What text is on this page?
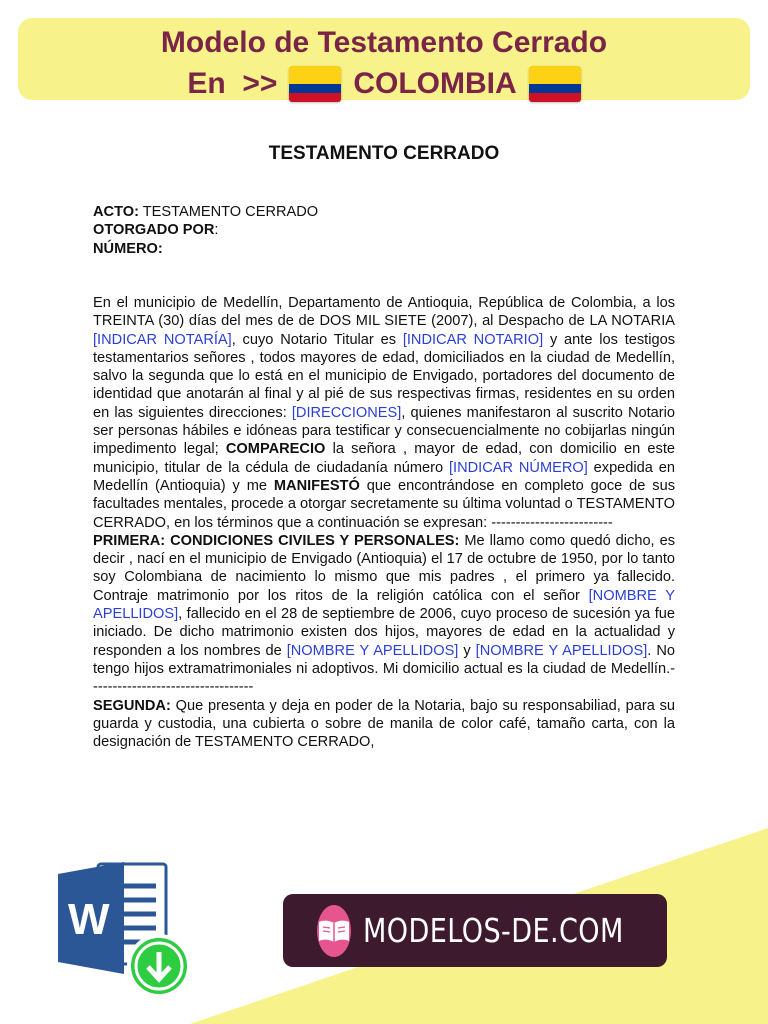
Modelo de Testamento Cerrado
En  >>	COLOMBIA
TESTAMENTO CERRADO
ACTO: TESTAMENTO CERRADO
OTORGADO POR:
NÚMERO:

En el municipio de Medellín, Departamento de Antioquia, República de Colombia, a los TREINTA (30) días del mes de de DOS MIL SIETE (2007), al Despacho de LA NOTARIA [INDICAR NOTARÍA], cuyo Notario Titular es [INDICAR NOTARIO] y ante los testigos testamentarios señores , todos mayores de edad, domiciliados en la ciudad de Medellín, salvo la segunda que lo está en el municipio de Envigado, portadores del documento de identidad que anotarán al final y al pié de sus respectivas firmas, residentes en su orden en las siguientes direcciones: [DIRECCIONES], quienes manifestaron al suscrito Notario ser personas hábiles e idóneas para testificar y consecuencialmente no cobijarlas ningún impedimento legal; COMPARECIO la señora , mayor de edad, con domicilio en este municipio, titular de la cédula de ciudadanía número [INDICAR NÚMERO] expedida en Medellín (Antioquia) y me MANIFESTÓ que encontrándose en completo goce de sus facultades mentales, procede a otorgar secretamente su última voluntad o TESTAMENTO CERRADO, en los términos que a continuación se expresan: -------------------------

PRIMERA: CONDICIONES CIVILES Y PERSONALES: Me llamo como quedó dicho, es decir , nací en el municipio de Envigado (Antioquia) el 17 de octubre de 1950, por lo tanto soy Colombiana de nacimiento lo mismo que mis padres , el primero ya fallecido. Contraje matrimonio por los ritos de la religión católica con el señor [NOMBRE Y APELLIDOS], fallecido en el 28 de septiembre de 2006, cuyo proceso de sucesión ya fue iniciado. De dicho matrimonio existen dos hijos, mayores de edad en la actualidad y responden a los nombres de [NOMBRE Y APELLIDOS] y [NOMBRE Y APELLIDOS]. No tengo hijos extramatrimoniales ni adoptivos. Mi domicilio actual es la ciudad de Medellín.----------------------------------

SEGUNDA: Que presenta y deja en poder de la Notaria, bajo su responsabiliad, para su guarda y custodia, una cubierta o sobre de manila de color café, tamaño carta, con la designación de TESTAMENTO CERRADO,

W	MODELOS-DE.COM
